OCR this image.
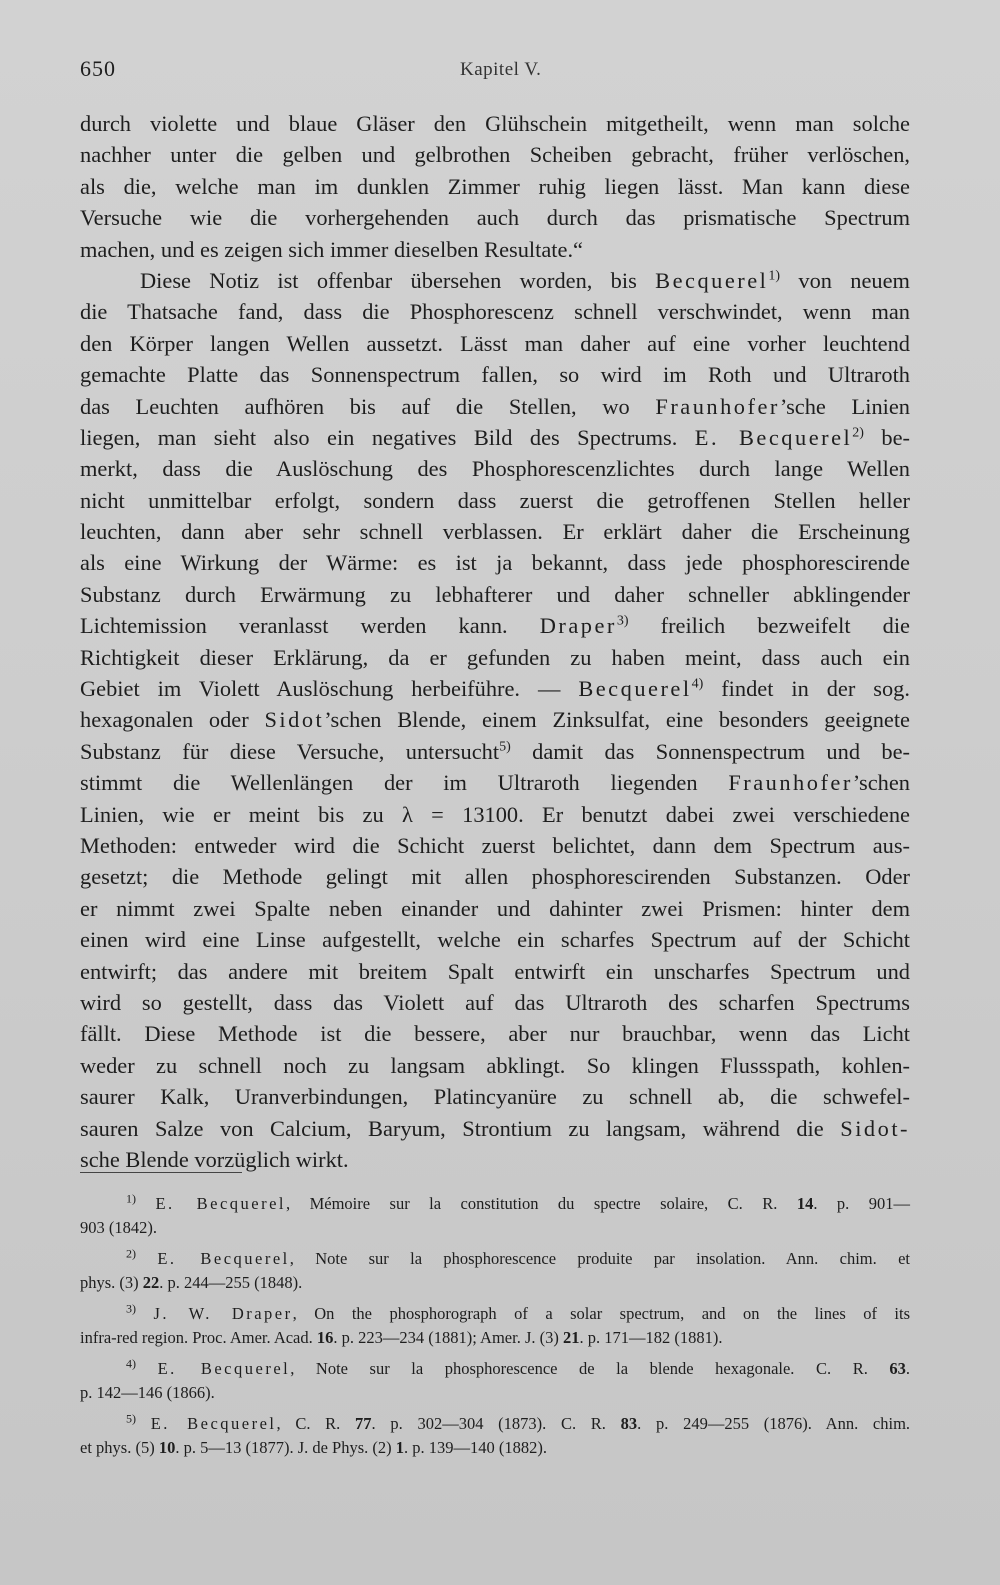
650	Kapitel V.
durch violette und blaue Gläser den Glühschein mitgetheilt, wenn man solche
nachher unter die gelben und gelbrothen Scheiben gebracht, früher verlöschen,
als die, welche man im dunklen Zimmer ruhig liegen lässt. Man kann diese
Versuche wie die vorhergehenden auch durch das prismatische Spectrum
machen, und es zeigen sich immer dieselben Resultate.“
Diese Notiz ist offenbar übersehen worden, bis Becquerel$^{1)}$ von neuem
die Thatsache fand, dass die Phosphorescenz schnell verschwindet, wenn man
den Körper langen Wellen aussetzt. Lässt man daher auf eine vorher leuchtend
gemachte Platte das Sonnenspectrum fallen, so wird im Roth und Ultraroth
das Leuchten aufhören bis auf die Stellen, wo Fraunhofer’sche Linien
liegen, man sieht also ein negatives Bild des Spectrums. E. Becquerel$^{2)}$ be-
merkt, dass die Auslöschung des Phosphorescenzlichtes durch lange Wellen
nicht unmittelbar erfolgt, sondern dass zuerst die getroffenen Stellen heller
leuchten, dann aber sehr schnell verblassen. Er erklärt daher die Erscheinung
als eine Wirkung der Wärme: es ist ja bekannt, dass jede phosphorescirende
Substanz durch Erwärmung zu lebhafterer und daher schneller abklingender
Lichtemission veranlasst werden kann. Draper$^{3)}$ freilich bezweifelt die
Richtigkeit dieser Erklärung, da er gefunden zu haben meint, dass auch ein
Gebiet im Violett Auslöschung herbeiführe. — Becquerel$^{4)}$ findet in der sog.
hexagonalen oder Sidot’schen Blende, einem Zinksulfat, eine besonders geeignete
Substanz für diese Versuche, untersucht$^{5)}$ damit das Sonnenspectrum und be-
stimmt die Wellenlängen der im Ultraroth liegenden Fraunhofer’schen
Linien, wie er meint bis zu λ = 13100. Er benutzt dabei zwei verschiedene
Methoden: entweder wird die Schicht zuerst belichtet, dann dem Spectrum aus-
gesetzt; die Methode gelingt mit allen phosphorescirenden Substanzen. Oder
er nimmt zwei Spalte neben einander und dahinter zwei Prismen: hinter dem
einen wird eine Linse aufgestellt, welche ein scharfes Spectrum auf der Schicht
entwirft; das andere mit breitem Spalt entwirft ein unscharfes Spectrum und
wird so gestellt, dass das Violett auf das Ultraroth des scharfen Spectrums
fällt. Diese Methode ist die bessere, aber nur brauchbar, wenn das Licht
weder zu schnell noch zu langsam abklingt. So klingen Flussspath, kohlen-
saurer Kalk, Uranverbindungen, Platincyanüre zu schnell ab, die schwefel-
sauren Salze von Calcium, Baryum, Strontium zu langsam, während die Sidot-
sche Blende vorzüglich wirkt.
$^{1)}$ E. Becquerel, Mémoire sur la constitution du spectre solaire, C. R. 14. p. 901—
903 (1842).
$^{2)}$ E. Becquerel, Note sur la phosphorescence produite par insolation. Ann. chim. et
phys. (3) 22. p. 244—255 (1848).
$^{3)}$ J. W. Draper, On the phosphorograph of a solar spectrum, and on the lines of its
infra-red region. Proc. Amer. Acad. 16. p. 223—234 (1881); Amer. J. (3) 21. p. 171—182 (1881).
$^{4)}$ E. Becquerel, Note sur la phosphorescence de la blende hexagonale. C. R. 63.
p. 142—146 (1866).
$^{5)}$ E. Becquerel, C. R. 77. p. 302—304 (1873). C. R. 83. p. 249—255 (1876). Ann. chim.
et phys. (5) 10. p. 5—13 (1877). J. de Phys. (2) 1. p. 139—140 (1882).
